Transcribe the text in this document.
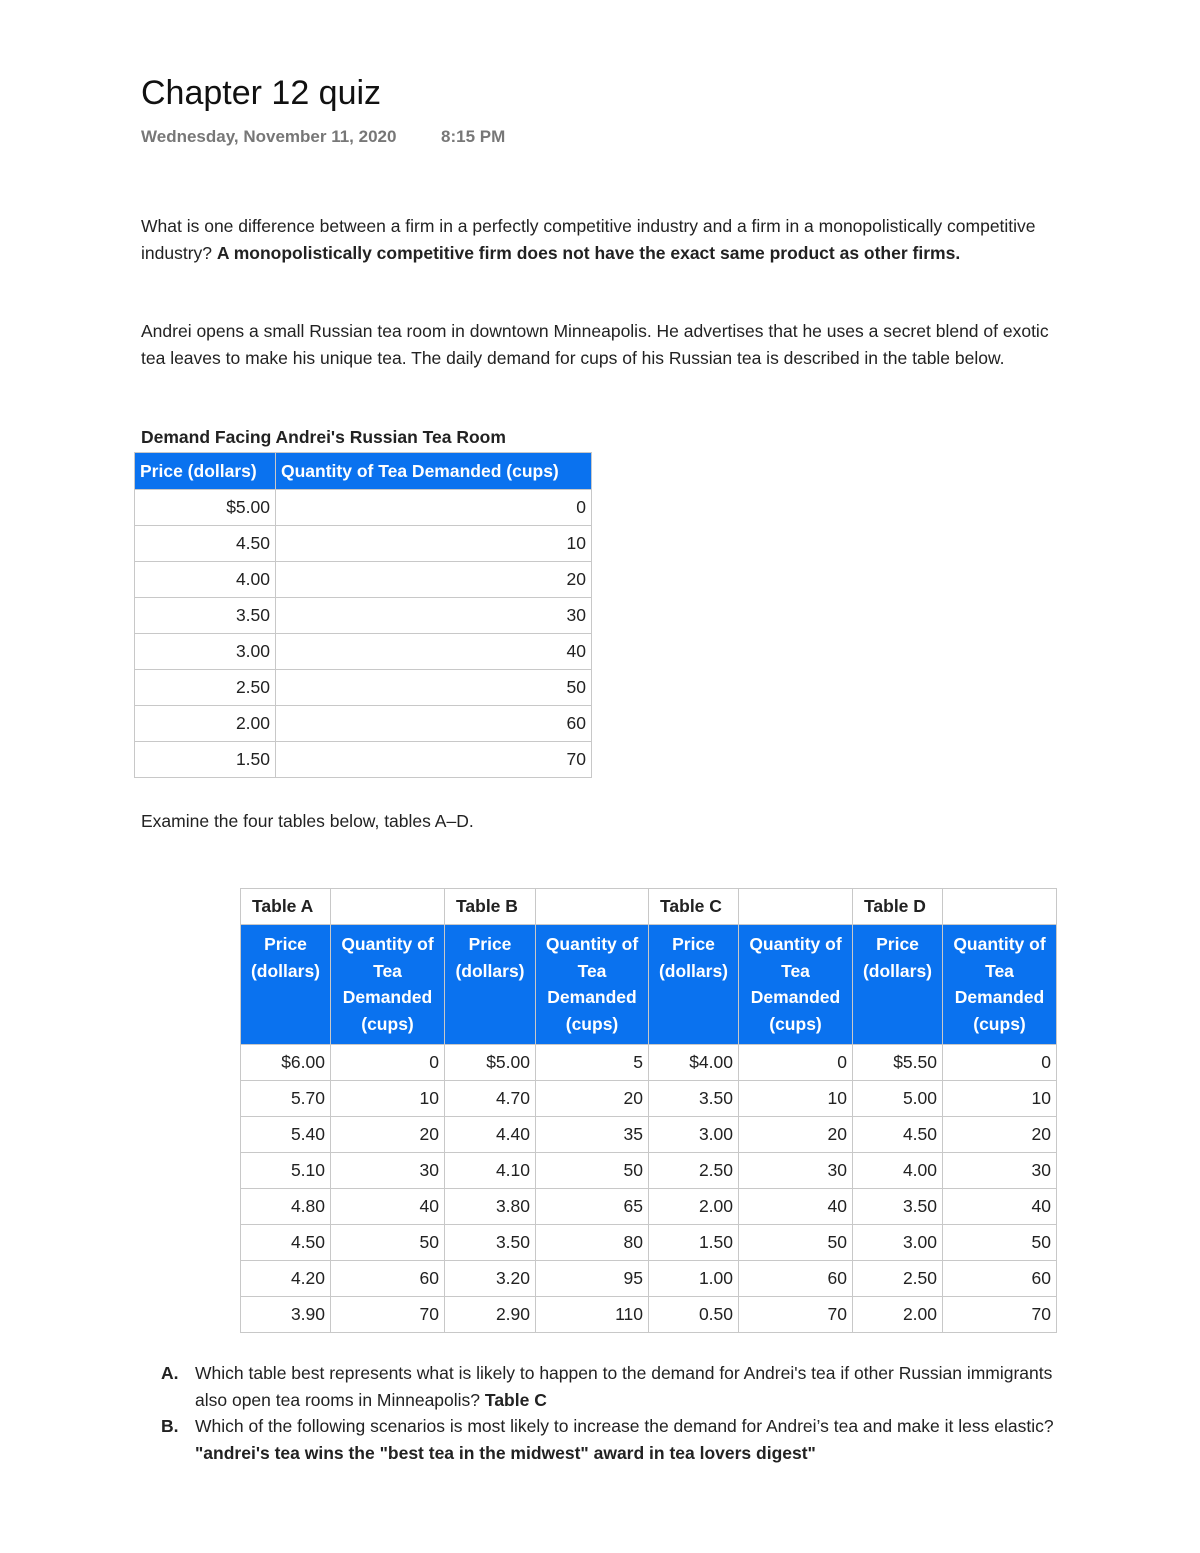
Chapter 12 quiz
Wednesday, November 11, 2020	8:15 PM
What is one difference between a firm in a perfectly competitive industry and a firm in a monopolistically competitive industry? A monopolistically competitive firm does not have the exact same product as other firms.
Andrei opens a small Russian tea room in downtown Minneapolis. He advertises that he uses a secret blend of exotic tea leaves to make his unique tea. The daily demand for cups of his Russian tea is described in the table below.
Demand Facing Andrei's Russian Tea Room
Price (dollars)	Quantity of Tea Demanded (cups)
$5.00	0
4.50	10
4.00	20
3.50	30
3.00	40
2.50	50
2.00	60
1.50	70
Examine the four tables below, tables A–D.
Table A		Table B		Table C		Table D	
Price (dollars)	Quantity of Tea Demanded (cups)	Price (dollars)	Quantity of Tea Demanded (cups)	Price (dollars)	Quantity of Tea Demanded (cups)	Price (dollars)	Quantity of Tea Demanded (cups)
$6.00	0	$5.00	5	$4.00	0	$5.50	0
5.70	10	4.70	20	3.50	10	5.00	10
5.40	20	4.40	35	3.00	20	4.50	20
5.10	30	4.10	50	2.50	30	4.00	30
4.80	40	3.80	65	2.00	40	3.50	40
4.50	50	3.50	80	1.50	50	3.00	50
4.20	60	3.20	95	1.00	60	2.50	60
3.90	70	2.90	110	0.50	70	2.00	70
A. Which table best represents what is likely to happen to the demand for Andrei's tea if other Russian immigrants also open tea rooms in Minneapolis? Table C
B. Which of the following scenarios is most likely to increase the demand for Andrei’s tea and make it less elastic? "andrei's tea wins the "best tea in the midwest" award in tea lovers digest"
